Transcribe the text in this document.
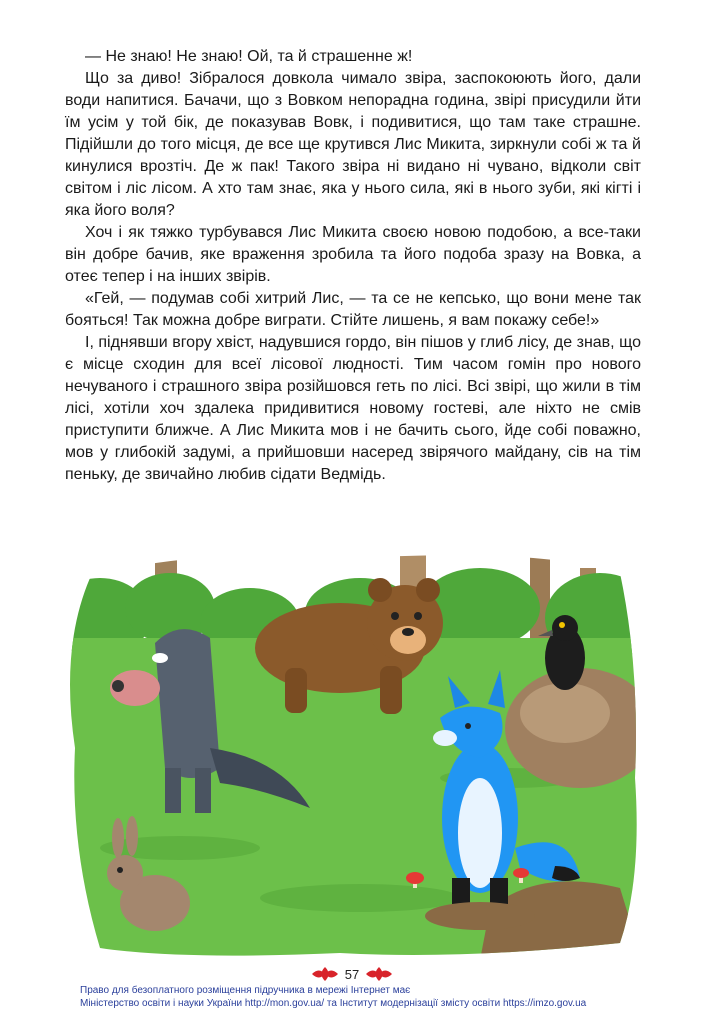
— Не знаю! Не знаю! Ой, та й страшенне ж!

Що за диво! Зібралося довкола чимало звіра, заспокоюють його, дали води напитися. Бачачи, що з Вовком непорадна година, звірі присудили йти їм усім у той бік, де показував Вовк, і подивитися, що там таке страшне. Підійшли до того місця, де все ще крутився Лис Микита, зиркнули собі ж та й кинулися врозтіч. Де ж пак! Такого звіра ні видано ні чувано, відколи світ світом і ліс лісом. А хто там знає, яка у нього сила, які в нього зуби, які кігті і яка його воля?

Хоч і як тяжко турбувався Лис Микита своєю новою подобою, а все-таки він добре бачив, яке враження зробила та його подоба зразу на Вовка, а отеє тепер і на інших звірів.

«Гей, — подумав собі хитрий Лис, — та се не кепсько, що вони мене так бояться! Так можна добре виграти. Стійте лишень, я вам покажу себе!»

І, піднявши вгору хвіст, надувшися гордо, він пішов у глиб лісу, де знав, що є місце сходин для всеї лісової людності. Тим часом гомін про нового нечуваного і страшного звіра розійшовся геть по лісі. Всі звірі, що жили в тім лісі, хотіли хоч здалека придивитися новому гостеві, але ніхто не смів приступити ближче. А Лис Микита мов і не бачить сього, йде собі поважно, мов у глибокій задумі, а прийшовши насеред звірячого майдану, сів на тім пеньку, де звичайно любив сідати Ведмідь.

57
Право для безоплатного розміщення підручника в мережі Інтернет має
Міністерство освіти і науки України http://mon.gov.ua/ та Інститут модернізації змісту освіти https://imzo.gov.ua
